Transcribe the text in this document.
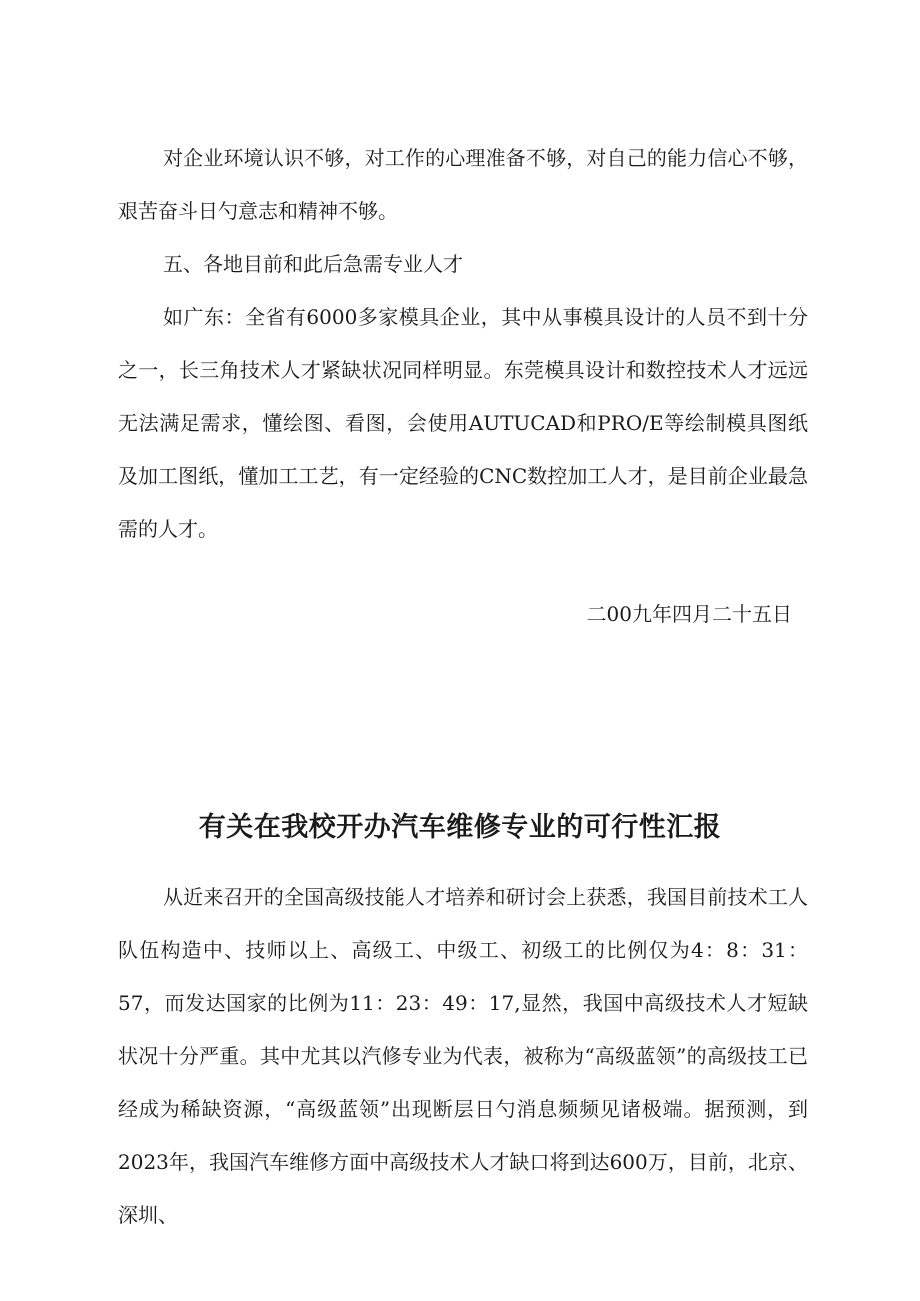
对企业环境认识不够，对工作的心理准备不够，对自己的能力信心不够，艰苦奋斗日勺意志和精神不够。

五、各地目前和此后急需专业人才

如广东：全省有6000多家模具企业，其中从事模具设计的人员不到十分之一，长三角技术人才紧缺状况同样明显。东莞模具设计和数控技术人才远远无法满足需求，懂绘图、看图，会使用AUTUCAD和PRO/E等绘制模具图纸及加工图纸，懂加工工艺，有一定经验的CNC数控加工人才，是目前企业最急需的人才。

二00九年四月二十五日

有关在我校开办汽车维修专业的可行性汇报

从近来召开的全国高级技能人才培养和研讨会上获悉，我国目前技术工人队伍构造中、技师以上、高级工、中级工、初级工的比例仅为4：8：31：57，而发达国家的比例为11：23：49：17,显然，我国中高级技术人才短缺状况十分严重。其中尤其以汽修专业为代表，被称为“高级蓝领”的高级技工已经成为稀缺资源，“高级蓝领”出现断层日勺消息频频见诸极端。据预测，到2023年，我国汽车维修方面中高级技术人才缺口将到达600万，目前，北京、深圳、
